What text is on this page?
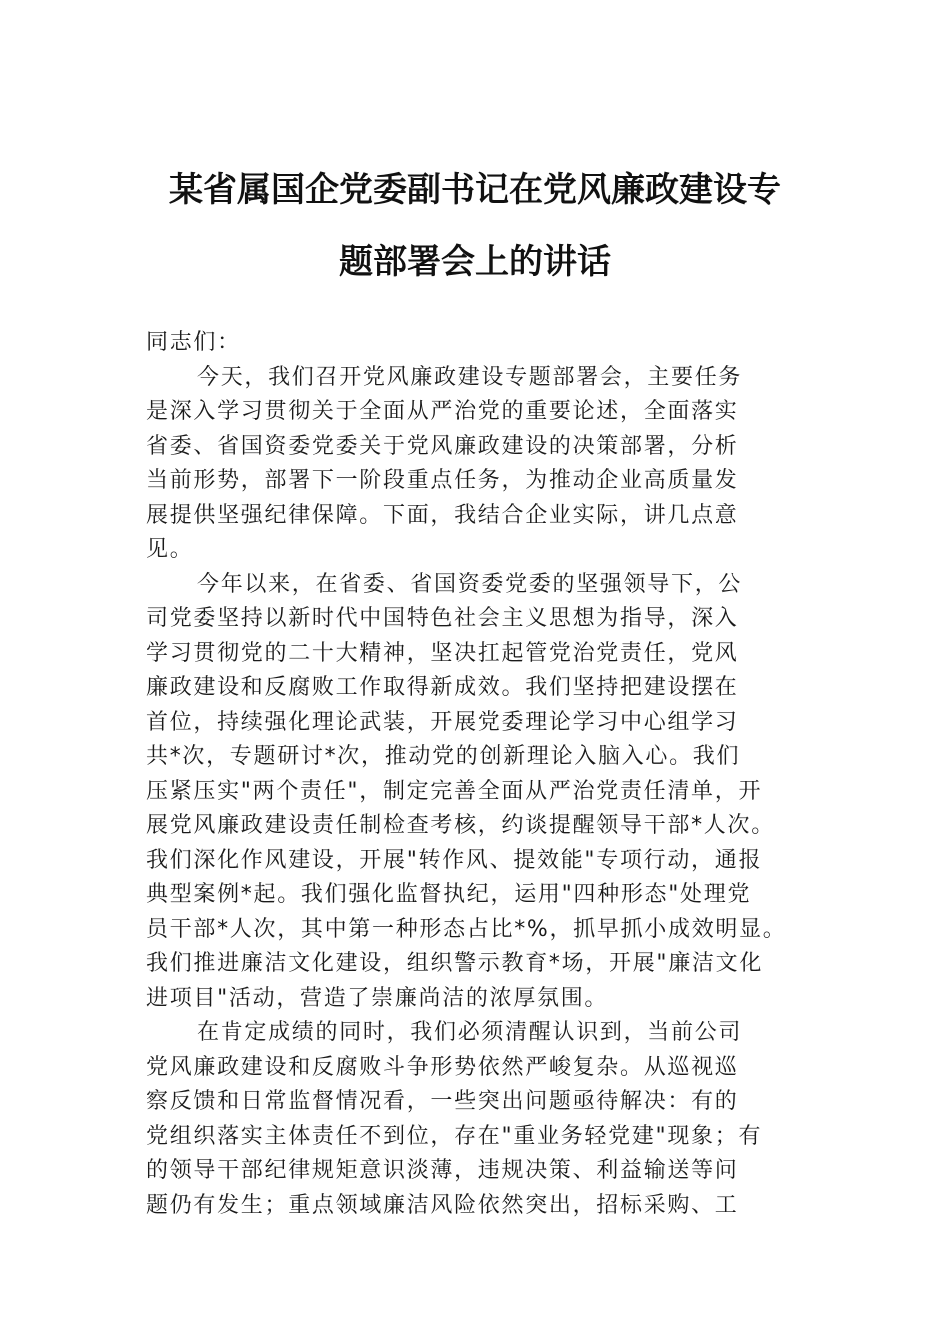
某省属国企党委副书记在党风廉政建设专
题部署会上的讲话
同志们：
今天，我们召开党风廉政建设专题部署会，主要任务
是深入学习贯彻关于全面从严治党的重要论述，全面落实
省委、省国资委党委关于党风廉政建设的决策部署，分析
当前形势，部署下一阶段重点任务，为推动企业高质量发
展提供坚强纪律保障。下面，我结合企业实际，讲几点意
见。
今年以来，在省委、省国资委党委的坚强领导下，公
司党委坚持以新时代中国特色社会主义思想为指导，深入
学习贯彻党的二十大精神，坚决扛起管党治党责任，党风
廉政建设和反腐败工作取得新成效。我们坚持把建设摆在
首位，持续强化理论武装，开展党委理论学习中心组学习
共*次，专题研讨*次，推动党的创新理论入脑入心。我们
压紧压实"两个责任"，制定完善全面从严治党责任清单，开
展党风廉政建设责任制检查考核，约谈提醒领导干部*人次。
我们深化作风建设，开展"转作风、提效能"专项行动，通报
典型案例*起。我们强化监督执纪，运用"四种形态"处理党
员干部*人次，其中第一种形态占比*%，抓早抓小成效明显。
我们推进廉洁文化建设，组织警示教育*场，开展"廉洁文化
进项目"活动，营造了崇廉尚洁的浓厚氛围。
在肯定成绩的同时，我们必须清醒认识到，当前公司
党风廉政建设和反腐败斗争形势依然严峻复杂。从巡视巡
察反馈和日常监督情况看，一些突出问题亟待解决：有的
党组织落实主体责任不到位，存在"重业务轻党建"现象；有
的领导干部纪律规矩意识淡薄，违规决策、利益输送等问
题仍有发生；重点领域廉洁风险依然突出，招标采购、工
